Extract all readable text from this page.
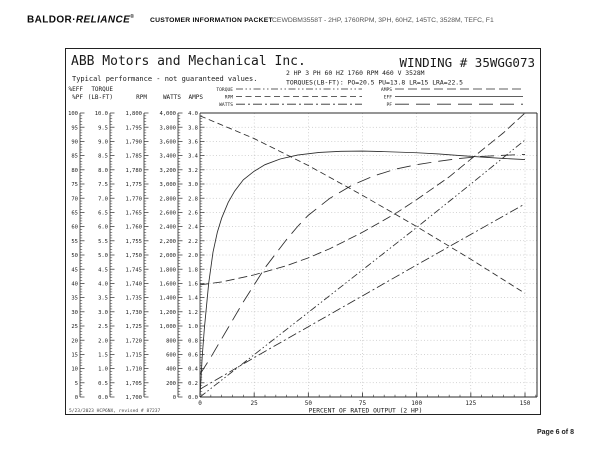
BALDOR·RELIANCE® CUSTOMER INFORMATION PACKET CEWDBM3558T - 2HP, 1760RPM, 3PH, 60HZ, 145TC, 3528M, TEFC, F1
ABB Motors and Mechanical Inc.
Typical performance - not guaranteed values.
WINDING # 35WGG073
2 HP 3 PH 60 HZ 1760 RPM 460 V 3528M
TORQUES(LB-FT): PO=20.5 PU=13.8 LR=15 LRA=22.5
5/23/2023 HCP6NX, revised # 87237
100
95
90
85
80
75
70
65
60
55
50
45
40
35
30
25
20
15
10
5
0
%EFF
%PF
10.0
9.5
9.0
8.5
8.0
7.5
7.0
6.5
6.0
5.5
5.0
4.5
4.0
3.5
3.0
2.5
2.0
1.5
1.0
0.5
0.0
TORQUE
(LB-FT)
1,800
1,795
1,790
1,785
1,780
1,775
1,770
1,765
1,760
1,755
1,750
1,745
1,740
1,735
1,730
1,725
1,720
1,715
1,710
1,705
1,700
RPM
4,000
3,800
3,600
3,400
3,200
3,000
2,800
2,600
2,400
2,200
2,000
1,800
1,600
1,400
1,200
1,000
800
600
400
200
0
WATTS
4.0
3.8
3.6
3.4
3.2
3.0
2.8
2.6
2.4
2.2
2.0
1.8
1.6
1.4
1.2
1.0
0.8
0.6
0.4
0.2
0.0
AMPS
0	25	50	75	100	125	150
PERCENT OF RATED OUTPUT (2 HP)
TORQUE
RPM
WATTS
AMPS
EFF
PF
Page 6 of 8
